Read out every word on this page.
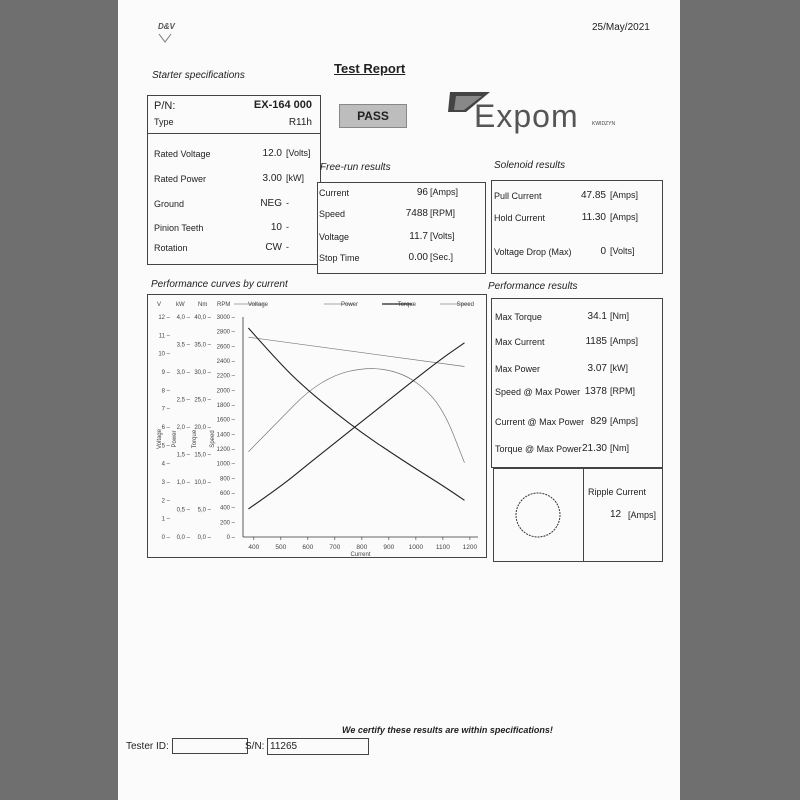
D&V	25/May/2021
Test Report
Starter specifications
P/N:	EX-164 000
Type	R11h
Rated Voltage	12.0 [Volts]
Rated Power	3.00 [kW]
Ground	NEG -
Pinion Teeth	10 -
Rotation	CW -
PASS	Expom	KWIDZYN
Free-run results
Current	96 [Amps]
Speed	7488 [RPM]
Voltage	11.7 [Volts]
Stop Time	0.00 [Sec.]
Solenoid results
Pull Current	47.85 [Amps]
Hold Current	11.30 [Amps]
Voltage Drop (Max)	0 [Volts]
Performance curves by current
V kW Nm RPM
Voltage Power Torque Speed
0 –
1 –
2 –
3 –
4 –
5 –
6 –
7 –
8 –
9 –
10 –
11 –
12 –
0,0 –
0,5 –
1,0 –
1,5 –
2,0 –
2,5 –
3,0 –
3,5 –
4,0 –
0,0 –
5,0 –
10,0 –
15,0 –
20,0 –
25,0 –
30,0 –
35,0 –
40,0 –
0 –
200 –
400 –
600 –
800 –
1000 –
1200 –
1400 –
1600 –
1800 –
2000 –
2200 –
2400 –
2600 –
2800 –
3000 –
400 500 600 700 800 900 1000 1100 1200
Current
Voltage	Power	Torque	Speed
Performance results
Max Torque	34.1 [Nm]
Max Current	1185 [Amps]
Max Power	3.07 [kW]
Speed @ Max Power 1378 [RPM]
Current @ Max Power 829 [Amps]
Torque @ Max Power 21.30 [Nm]
Ripple Current
12 [Amps]
We certify these results are within specifications!
Tester ID:	S/N: 11265
